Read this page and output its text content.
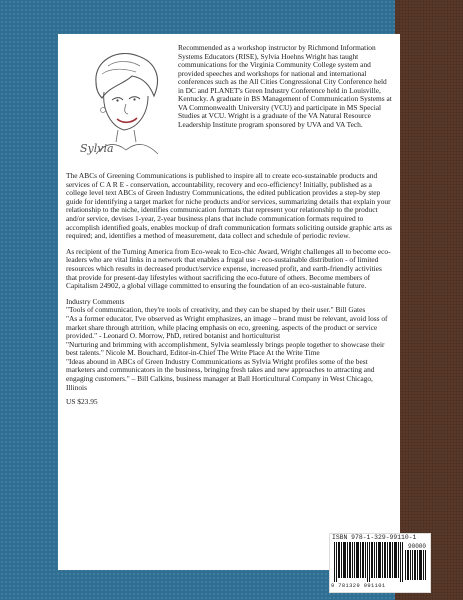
Sylvia
Recommended as a workshop instructor by Richmond Information Systems Educators (RISE), Sylvia Hoehns Wright has taught communications for the Virginia Community College system and provided speeches and workshops for national and international conferences such as the All Cities Congressional City Conference held in DC and PLANET's Green Industry Conference held in Louisville, Kentucky. A graduate in BS Management of Communication Systems at VA Commonwealth University (VCU) and participate in MS Special Studies at VCU. Wright is a graduate of the VA Natural Resource Leadership Institute program sponsored by UVA and VA Tech.

The ABCs of Greening Communications is published to inspire all to create eco-sustainable products and services of C A R E - conservation, accountability, recovery and eco-efficiency! Initially, published as a college level text ABCs of Green Industry Communications, the edited publication provides a step-by step guide for identifying a target market for niche products and/or services, summarizing details that explain your relationship to the niche, identifies communication formats that represent your relationship to the product and/or service, devises 1-year, 2-year business plans that include communication formats required to accomplish identified goals, enables mockup of draft communication formats soliciting outside graphic arts as required; and, identifies a method of measurement, data collect and schedule of periodic review.

As recipient of the Turning America from Eco-weak to Eco-chic Award, Wright challenges all to become eco-leaders who are vital links in a network that enables a frugal use - eco-sustainable distribution - of limited resources which results in decreased product/service expense, increased profit, and earth-friendly activities that provide for present-day lifestyles without sacrificing the eco-future of others. Become members of Capitalism 24902, a global village committed to ensuring the foundation of an eco-sustainable future.

Industry Comments
"Tools of communication, they're tools of creativity, and they can be shaped by their user." Bill Gates
"As a former educator, I've observed as Wright emphasizes, an image – brand must be relevant, avoid loss of market share through attrition, while placing emphasis on eco, greening, aspects of the product or service provided." - Leonard O. Morrow, PhD, retired botanist and horticulturist
"Nurturing and brimming with accomplishment, Sylvia seamlessly brings people together to showcase their best talents." Nicole M. Bouchard, Editor-in-Chief The Write Place At the Write Time
"Ideas abound in ABCs of Green Industry Communications as Sylvia Wright profiles some of the best marketers and communicators in the business, bringing fresh takes and new approaches to attracting and engaging customers." – Bill Calkins, business manager at Ball Horticultural Company in West Chicago, Illinois
US $23.95
ISBN 978-1-329-99110-1
90000
9 781329 991101
